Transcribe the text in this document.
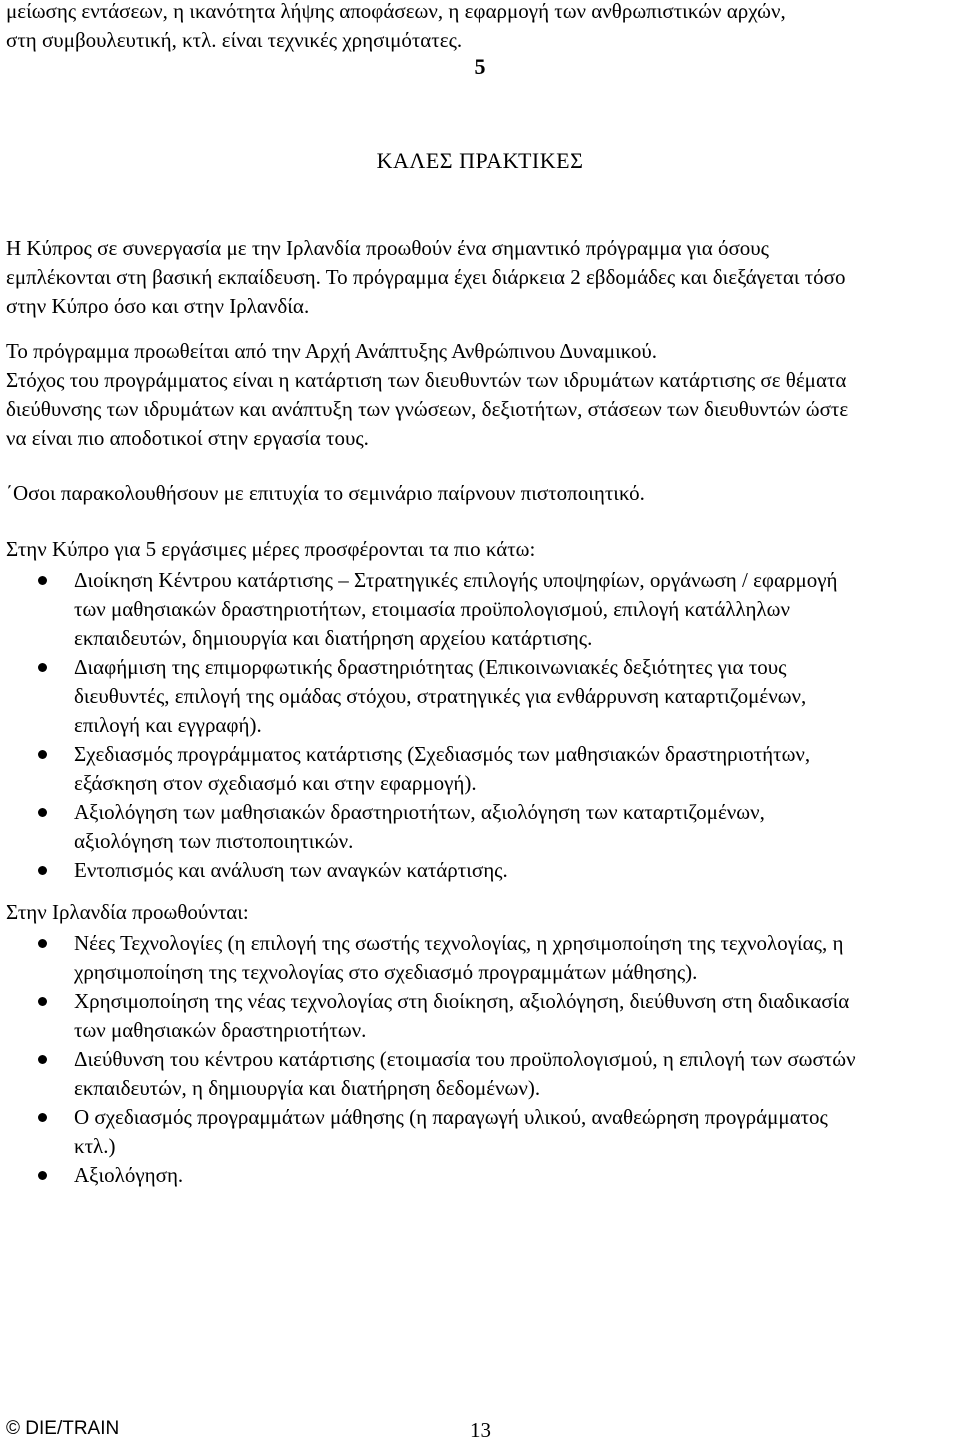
μείωσης εντάσεων, η ικανότητα λήψης αποφάσεων, η εφαρμογή των ανθρωπιστικών αρχών,
στη συμβουλευτική, κτλ. είναι τεχνικές χρησιμότατες.
5
ΚΑΛΕΣ ΠΡΑΚΤΙΚΕΣ
Η Κύπρος σε συνεργασία με την Ιρλανδία προωθούν ένα σημαντικό πρόγραμμα για όσους
εμπλέκονται στη βασική εκπαίδευση. Το πρόγραμμα έχει διάρκεια 2 εβδομάδες και διεξάγεται τόσο
στην Κύπρο όσο και στην Ιρλανδία.
Το πρόγραμμα προωθείται από την Αρχή Ανάπτυξης Ανθρώπινου Δυναμικού.
Στόχος του προγράμματος είναι η κατάρτιση των διευθυντών των ιδρυμάτων κατάρτισης σε θέματα
διεύθυνσης των ιδρυμάτων και ανάπτυξη των γνώσεων, δεξιοτήτων, στάσεων των διευθυντών ώστε
να είναι πιο αποδοτικοί στην εργασία τους.
΄Οσοι παρακολουθήσουν με επιτυχία το σεμινάριο παίρνουν πιστοποιητικό.
Στην Κύπρο για 5 εργάσιμες μέρες προσφέρονται τα πιο κάτω:
Διοίκηση Κέντρου κατάρτισης – Στρατηγικές επιλογής υποψηφίων, οργάνωση / εφαρμογή
των μαθησιακών δραστηριοτήτων, ετοιμασία προϋπολογισμού, επιλογή κατάλληλων
εκπαιδευτών, δημιουργία και διατήρηση αρχείου κατάρτισης.
Διαφήμιση της επιμορφωτικής δραστηριότητας (Επικοινωνιακές δεξιότητες για τους
διευθυντές, επιλογή της ομάδας στόχου, στρατηγικές για ενθάρρυνση καταρτιζομένων,
επιλογή και εγγραφή).
Σχεδιασμός προγράμματος κατάρτισης (Σχεδιασμός των μαθησιακών δραστηριοτήτων,
εξάσκηση στον σχεδιασμό και στην εφαρμογή).
Αξιολόγηση των μαθησιακών δραστηριοτήτων, αξιολόγηση των καταρτιζομένων,
αξιολόγηση των πιστοποιητικών.
Εντοπισμός και ανάλυση των αναγκών κατάρτισης.
Στην Ιρλανδία προωθούνται:
Νέες Τεχνολογίες (η επιλογή της σωστής τεχνολογίας, η χρησιμοποίηση της τεχνολογίας, η
χρησιμοποίηση της τεχνολογίας στο σχεδιασμό προγραμμάτων μάθησης).
Χρησιμοποίηση της νέας τεχνολογίας στη διοίκηση, αξιολόγηση, διεύθυνση στη διαδικασία
των μαθησιακών δραστηριοτήτων.
Διεύθυνση του κέντρου κατάρτισης (ετοιμασία του προϋπολογισμού, η επιλογή των σωστών
εκπαιδευτών, η δημιουργία και διατήρηση δεδομένων).
Ο σχεδιασμός προγραμμάτων μάθησης (η παραγωγή υλικού, αναθεώρηση προγράμματος
κτλ.)
Αξιολόγηση.
© DIE/TRAIN	13
